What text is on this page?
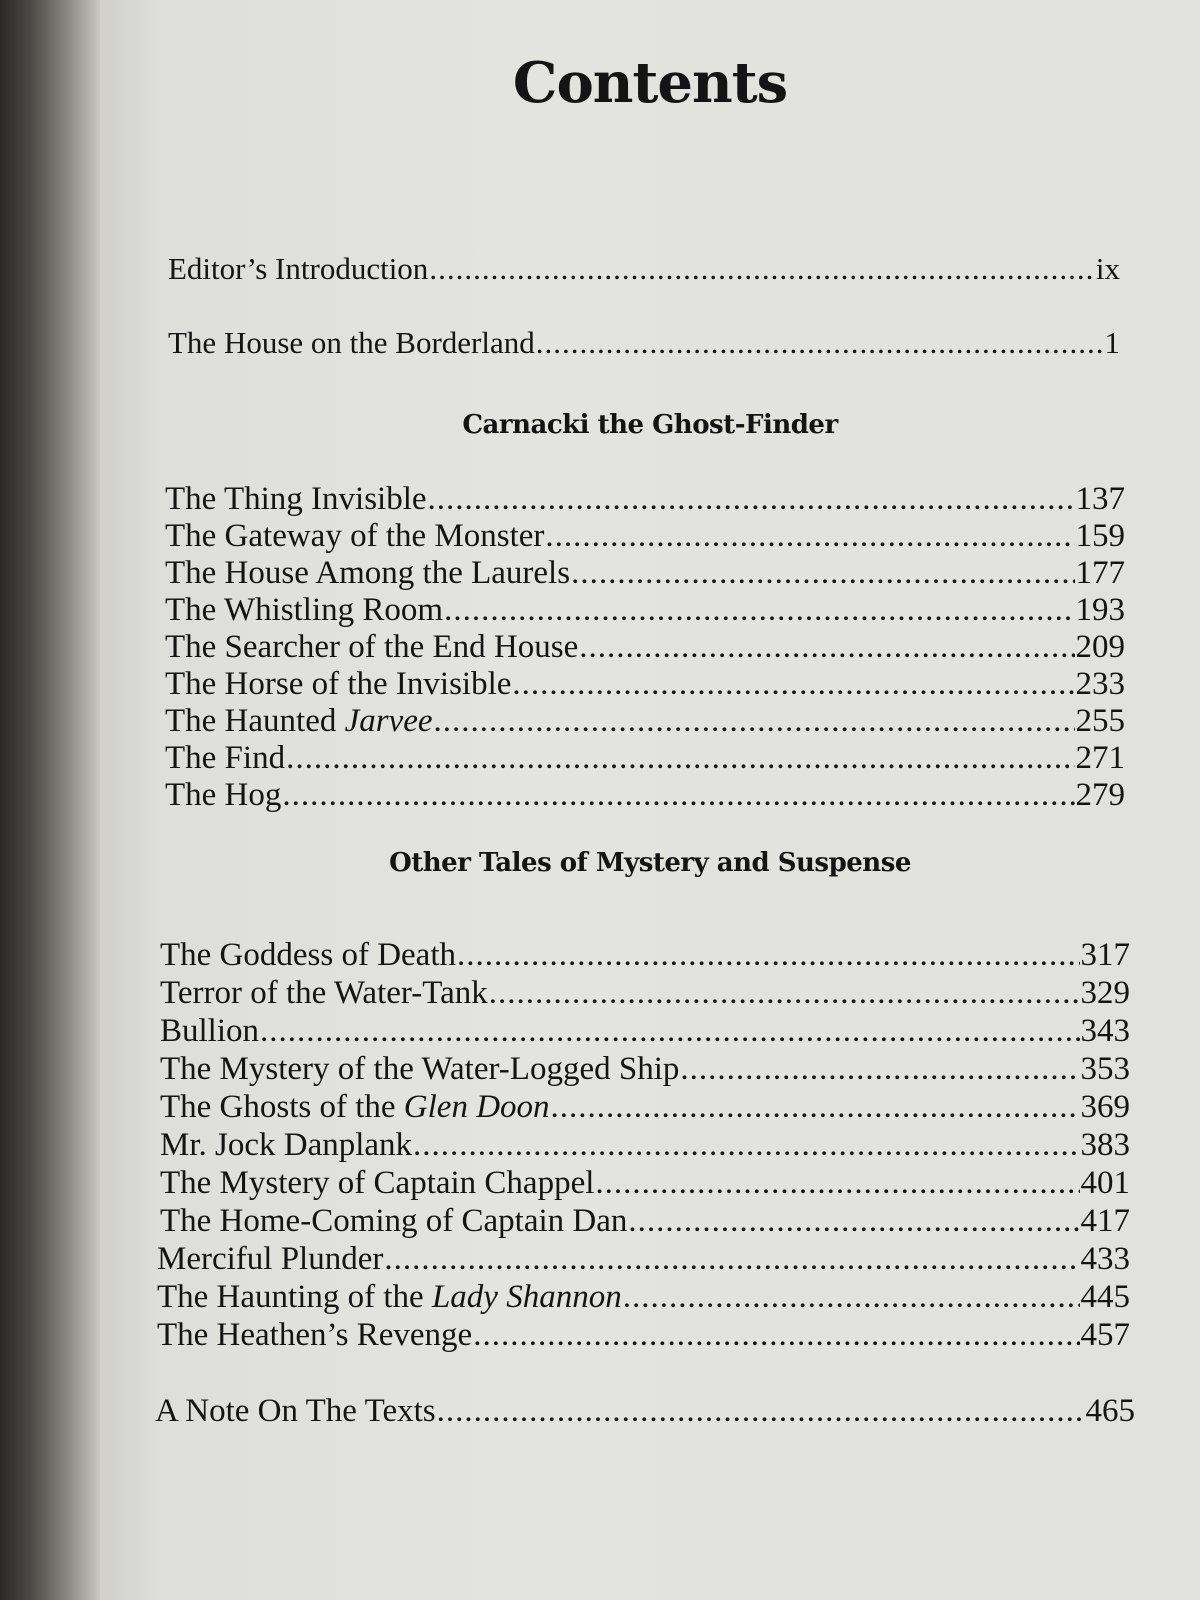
Contents
Editor’s Introduction .....	ix
The House on the Borderland .....	1
Carnacki the Ghost-Finder
The Thing Invisible .....	137
The Gateway of the Monster .....	159
The House Among the Laurels .....	177
The Whistling Room .....	193
The Searcher of the End House .....	209
The Horse of the Invisible .....	233
The Haunted Jarvee .....	255
The Find .....	271
The Hog .....	279
Other Tales of Mystery and Suspense
The Goddess of Death .....	317
Terror of the Water-Tank .....	329
Bullion .....	343
The Mystery of the Water-Logged Ship .....	353
The Ghosts of the Glen Doon .....	369
Mr. Jock Danplank .....	383
The Mystery of Captain Chappel .....	401
The Home-Coming of Captain Dan .....	417
Merciful Plunder .....	433
The Haunting of the Lady Shannon .....	445
The Heathen’s Revenge .....	457
A Note On The Texts .....	465
